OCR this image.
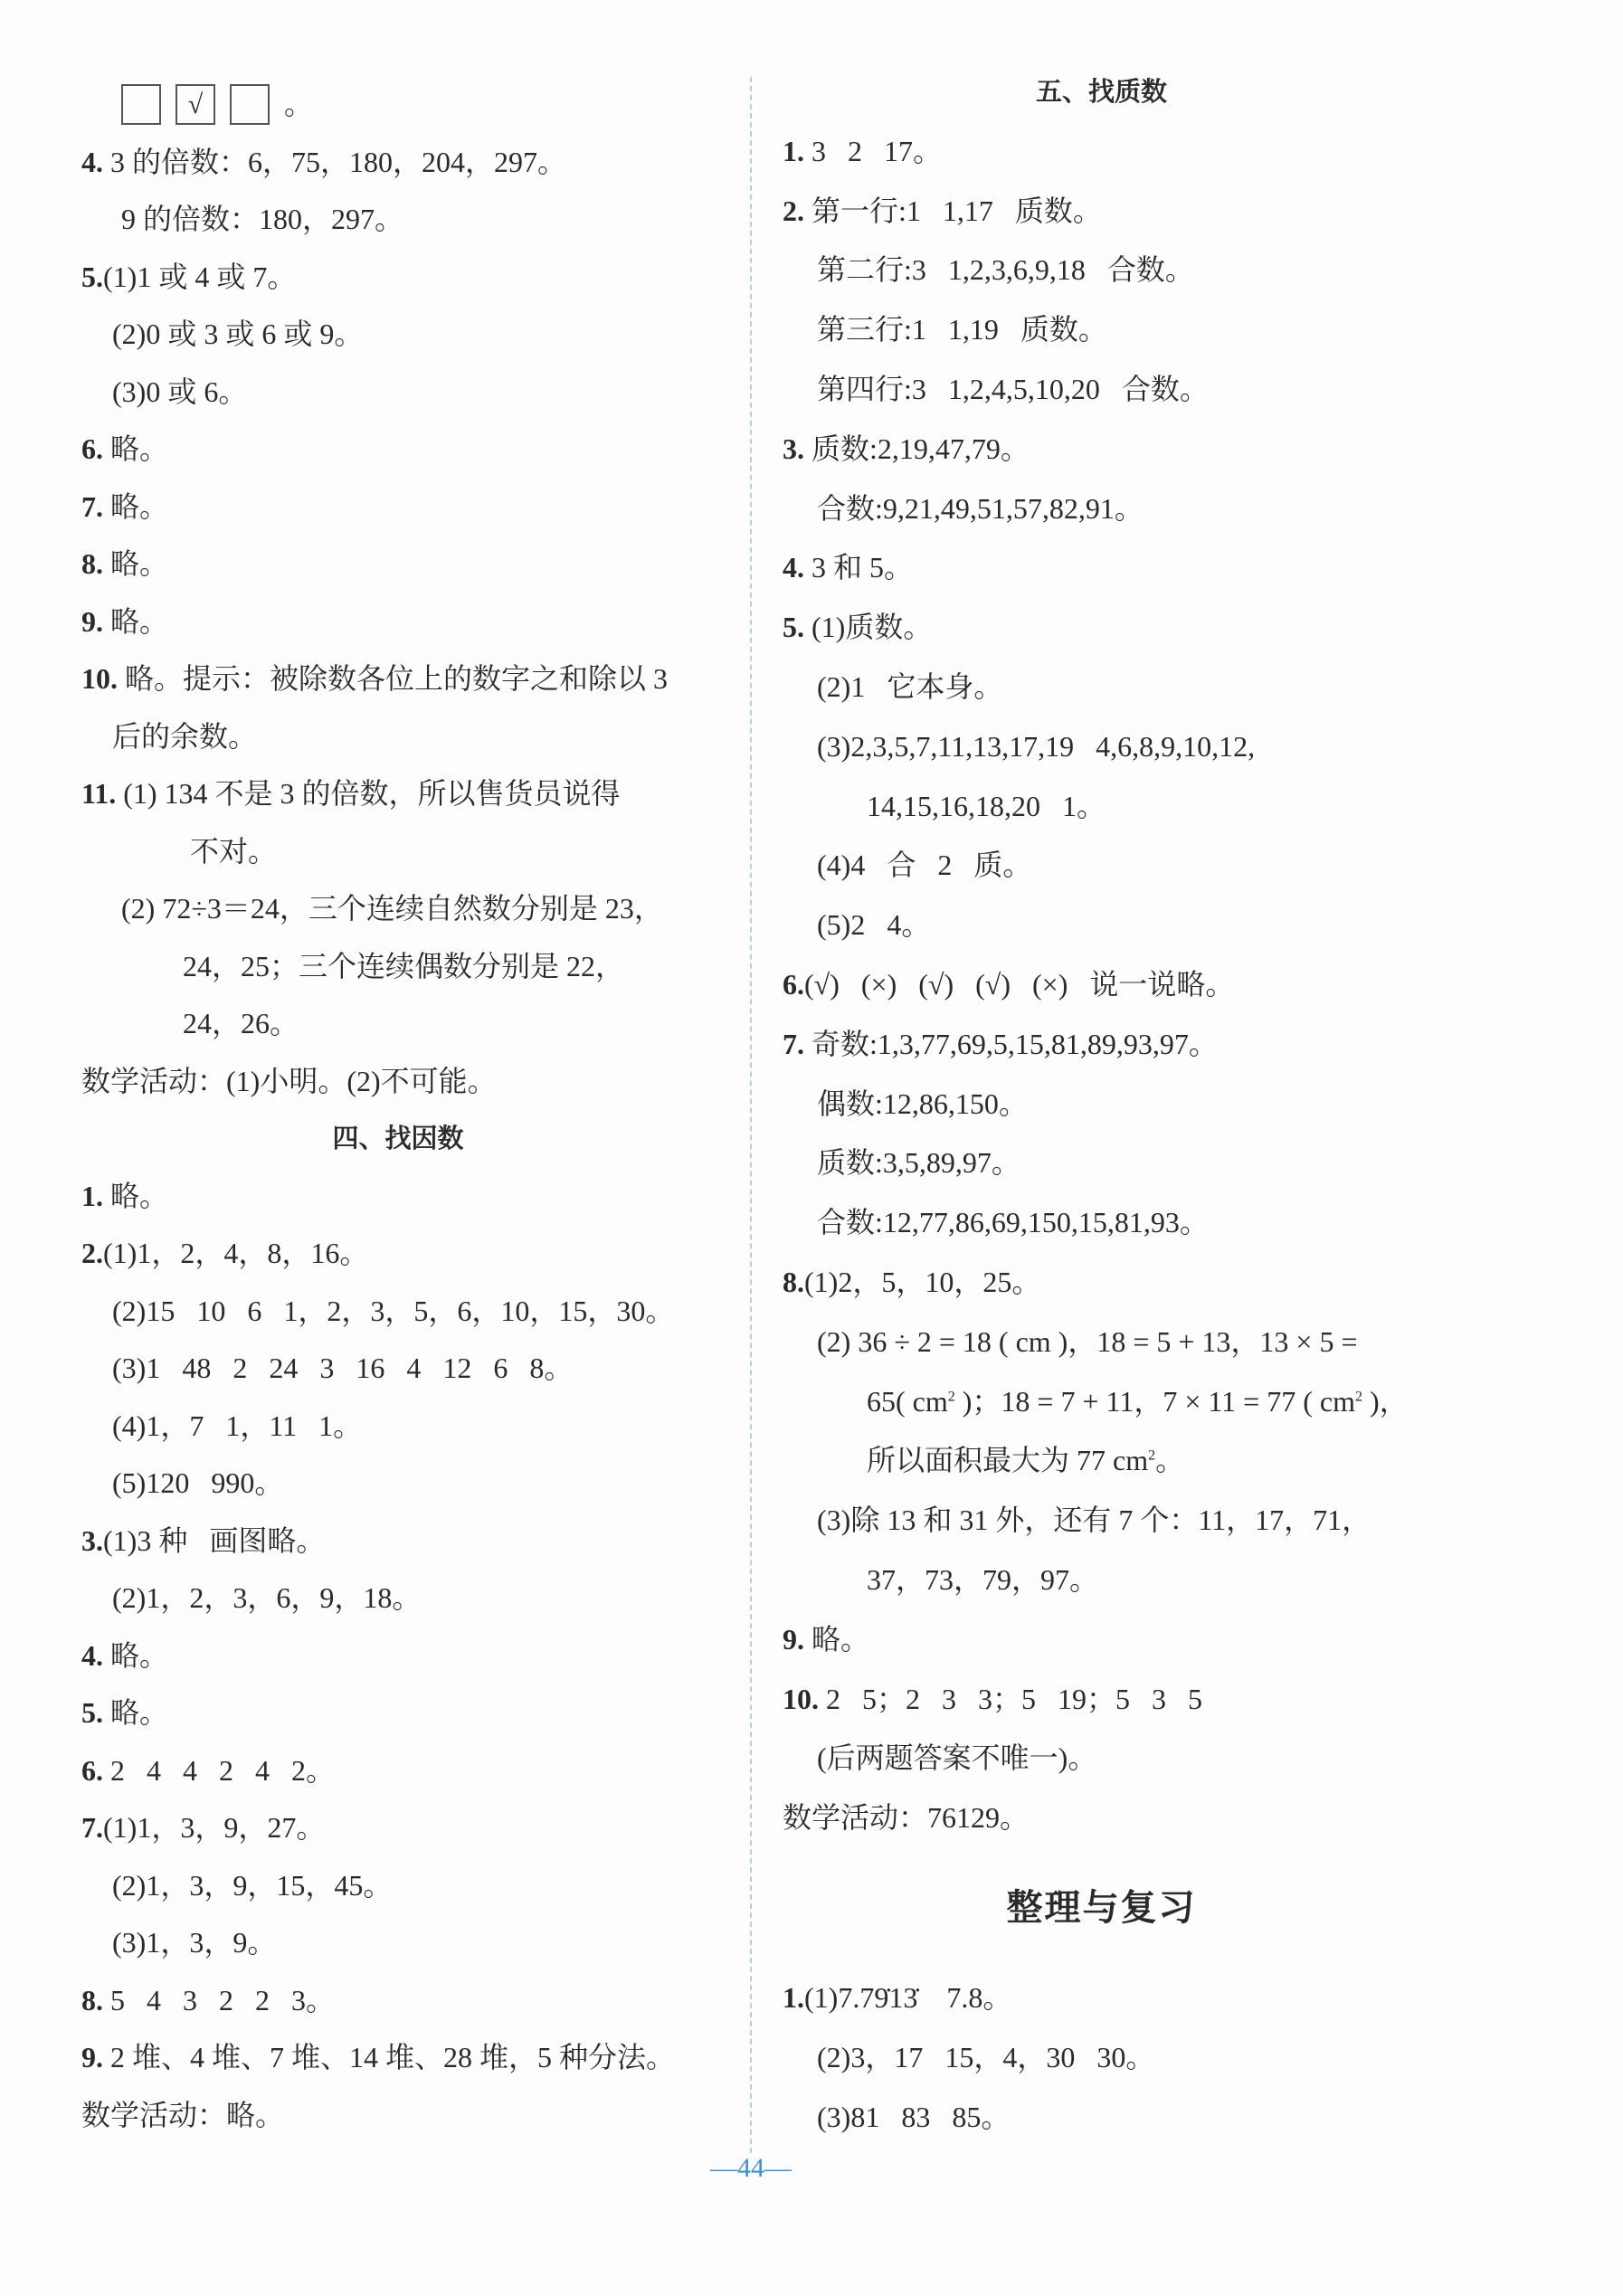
√	。
4. 3 的倍数：6，75，180，204，297。
9 的倍数：180，297。
5.(1)1 或 4 或 7。
(2)0 或 3 或 6 或 9。
(3)0 或 6。
6. 略。
7. 略。
8. 略。
9. 略。
10. 略。提示：被除数各位上的数字之和除以 3
后的余数。
11. (1) 134 不是 3 的倍数，所以售货员说得
不对。
(2) 72÷3＝24，三个连续自然数分别是 23，
24，25；三个连续偶数分别是 22，
24，26。
数学活动：(1)小明。(2)不可能。
四、找因数
1. 略。
2.(1)1，2，4，8，16。
(2)15   10   6   1，2，3，5，6，10，15，30。
(3)1   48   2   24   3   16   4   12   6   8。
(4)1，7   1，11   1。
(5)120   990。
3.(1)3 种   画图略。
(2)1，2，3，6，9，18。
4. 略。
5. 略。
6. 2   4   4   2   4   2。
7.(1)1，3，9，27。
(2)1，3，9，15，45。
(3)1，3，9。
8. 5   4   3   2   2   3。
9. 2 堆、4 堆、7 堆、14 堆、28 堆，5 种分法。
数学活动：略。
五、找质数
1. 3   2   17。
2. 第一行:1   1,17   质数。
第二行:3   1,2,3,6,9,18   合数。
第三行:1   1,19   质数。
第四行:3   1,2,4,5,10,20   合数。
3. 质数:2,19,47,79。
合数:9,21,49,51,57,82,91。
4. 3 和 5。
5. (1)质数。
(2)1   它本身。
(3)2,3,5,7,11,13,17,19   4,6,8,9,10,12,
14,15,16,18,20   1。
(4)4   合   2   质。
(5)2   4。
6.(√)   (×)   (√)   (√)   (×)   说一说略。
7. 奇数:1,3,77,69,5,15,81,89,93,97。
偶数:12,86,150。
质数:3,5,89,97。
合数:12,77,86,69,150,15,81,93。
8.(1)2，5，10，25。
(2) 36 ÷ 2 = 18 ( cm )，18 = 5 + 13，13 × 5 =
65( $cm^2$ )；18 = 7 + 11，7 × 11 = 77 ( $cm^2$ )，
所以面积最大为 77 $cm^2$。
(3)除 13 和 31 外，还有 7 个：11，17，71，
37，73，79，97。
9. 略。
10. 2   5；2   3   3；5   19；5   3   5
(后两题答案不唯一)。
数学活动：76129。
整理与复习
1.(1)7.79̇13̇    7.8。
(2)3，17   15，4，30   30。
(3)81   83   85。
—44—
